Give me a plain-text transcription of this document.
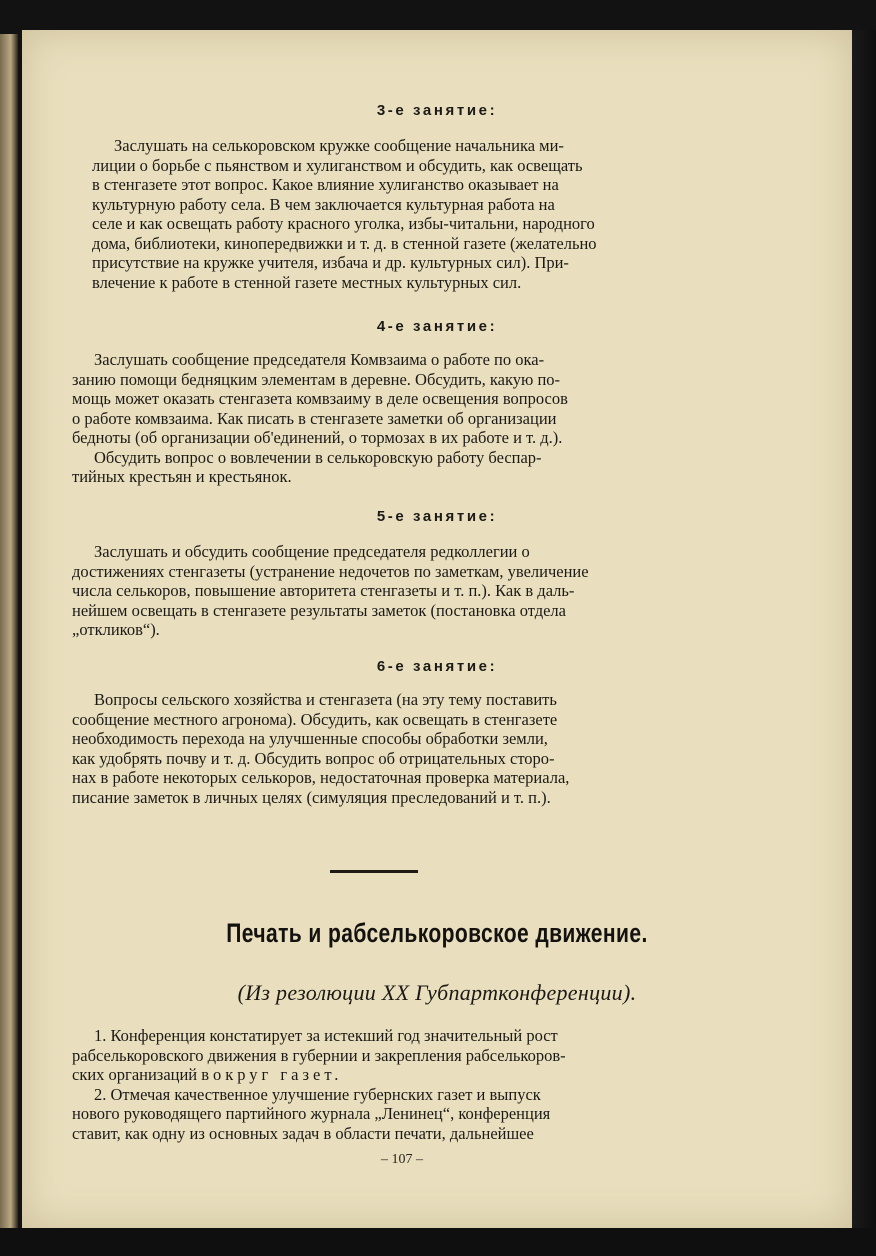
3-е занятие:
Заслушать на селькоровском кружке сообщение начальника ми-
лиции о борьбе с пьянством и хулиганством и обсудить, как освещать
в стенгазете этот вопрос. Какое влияние хулиганство оказывает на
культурную работу села. В чем заключается культурная работа на
селе и как освещать работу красного уголка, избы-читальни, народного
дома, библиотеки, кинопередвижки и т. д. в стенной газете (желательно
присутствие на кружке учителя, избача и др. культурных сил). При-
влечение к работе в стенной газете местных культурных сил.
4-е занятие:
Заслушать сообщение председателя Комвзаима о работе по ока-
занию помощи бедняцким элементам в деревне. Обсудить, какую по-
мощь может оказать стенгазета комвзаиму в деле освещения вопросов
о работе комвзаима. Как писать в стенгазете заметки об организации
бедноты (об организации об'единений, о тормозах в их работе и т. д.).
Обсудить вопрос о вовлечении в селькоровскую работу беспар-
тийных крестьян и крестьянок.
5-е занятие:
Заслушать и обсудить сообщение председателя редколлегии о
достижениях стенгазеты (устранение недочетов по заметкам, увеличение
числа селькоров, повышение авторитета стенгазеты и т. п.). Как в даль-
нейшем освещать в стенгазете результаты заметок (постановка отдела
„откликов“).
6-е занятие:
Вопросы сельского хозяйства и стенгазета (на эту тему поставить
сообщение местного агронома). Обсудить, как освещать в стенгазете
необходимость перехода на улучшенные способы обработки земли,
как удобрять почву и т. д. Обсудить вопрос об отрицательных сторо-
нах в работе некоторых селькоров, недостаточная проверка материала,
писание заметок в личных целях (симуляция преследований и т. п.).
Печать и рабселькоровское движение.
(Из резолюции XX Губпартконференции).
1. Конференция констатирует за истекший год значительный рост
рабселькоровского движения в губернии и закрепления рабселькоров-
ских организаций вокруг газет.
2. Отмечая качественное улучшение губернских газет и выпуск
нового руководящего партийного журнала „Ленинец“, конференция
ставит, как одну из основных задач в области печати, дальнейшее
– 107 –
